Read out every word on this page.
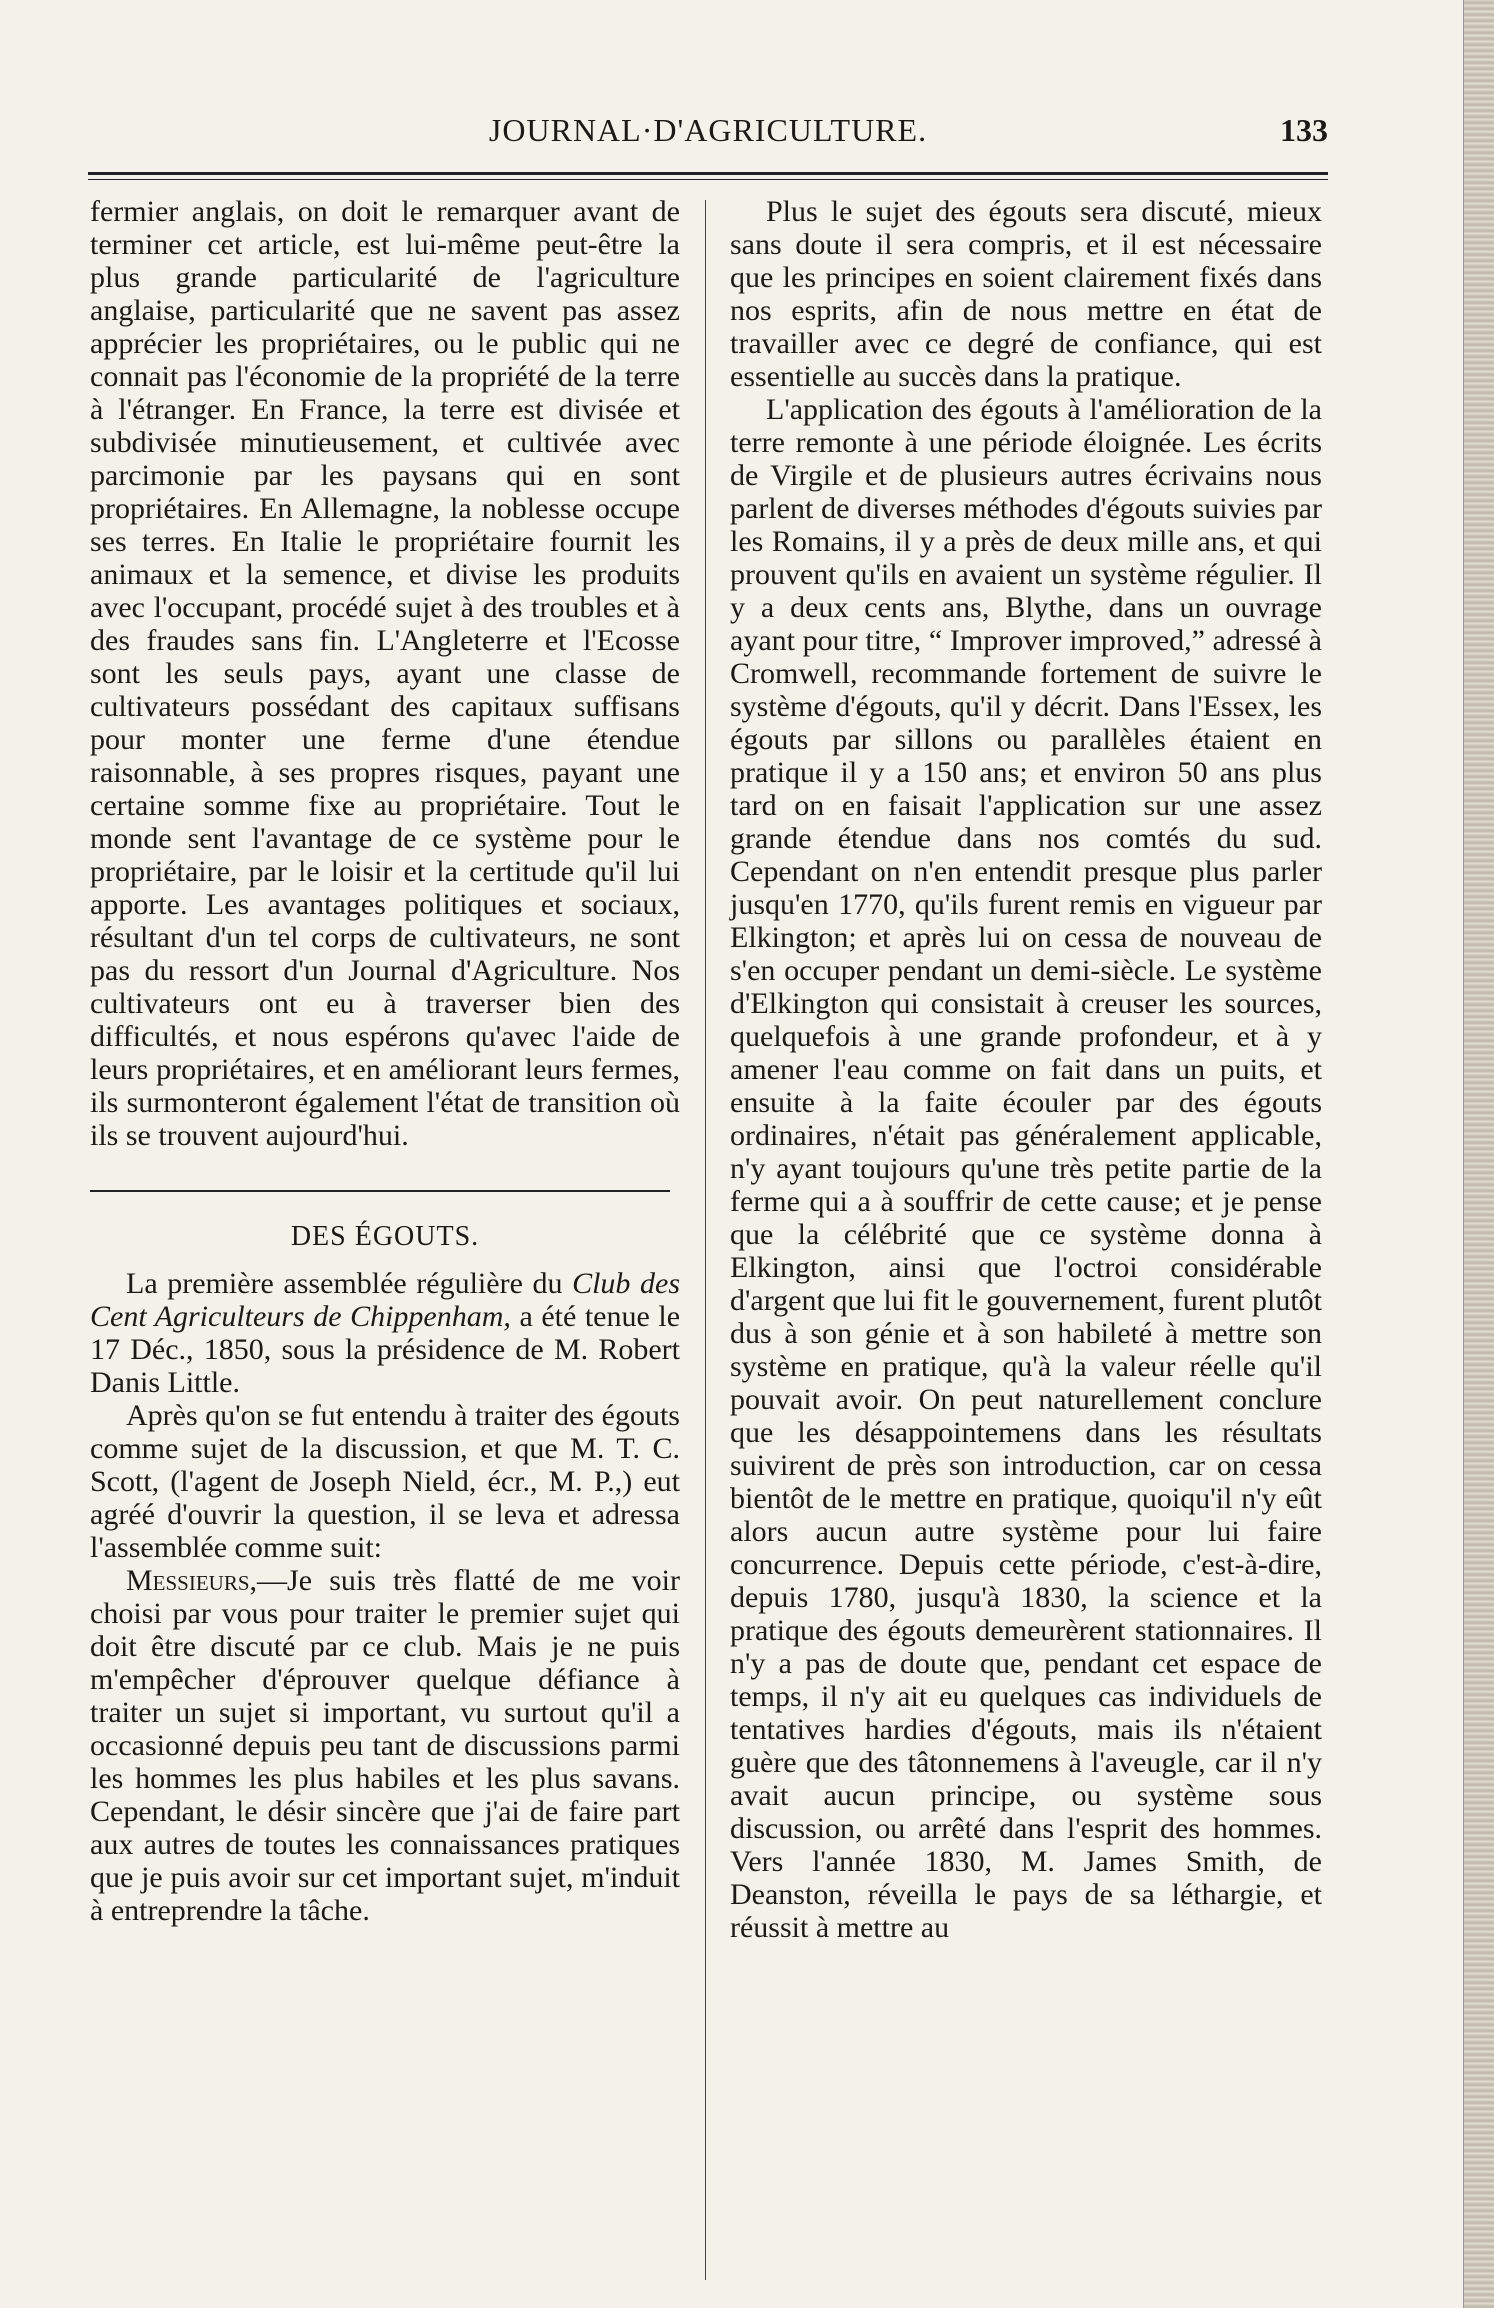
JOURNAL·D'AGRICULTURE.	133

fermier anglais, on doit le remarquer avant de terminer cet article, est lui-même peut-être la plus grande particularité de l'agriculture anglaise, particularité que ne savent pas assez apprécier les propriétaires, ou le public qui ne connait pas l'économie de la propriété de la terre à l'étranger. En France, la terre est divisée et subdivisée minutieusement, et cultivée avec parcimonie par les paysans qui en sont propriétaires. En Allemagne, la noblesse occupe ses terres. En Italie le propriétaire fournit les animaux et la semence, et divise les produits avec l'occupant, procédé sujet à des troubles et à des fraudes sans fin. L'Angleterre et l'Ecosse sont les seuls pays, ayant une classe de cultivateurs possédant des capitaux suffisans pour monter une ferme d'une étendue raisonnable, à ses propres risques, payant une certaine somme fixe au propriétaire. Tout le monde sent l'avantage de ce système pour le propriétaire, par le loisir et la certitude qu'il lui apporte. Les avantages politiques et sociaux, résultant d'un tel corps de cultivateurs, ne sont pas du ressort d'un Journal d'Agriculture. Nos cultivateurs ont eu à traverser bien des difficultés, et nous espérons qu'avec l'aide de leurs propriétaires, et en améliorant leurs fermes, ils surmonteront également l'état de transition où ils se trouvent aujourd'hui.

DES ÉGOUTS.

La première assemblée régulière du Club des Cent Agriculteurs de Chippenham, a été tenue le 17 Déc., 1850, sous la présidence de M. Robert Danis Little.

Après qu'on se fut entendu à traiter des égouts comme sujet de la discussion, et que M. T. C. Scott, (l'agent de Joseph Nield, écr., M. P.,) eut agréé d'ouvrir la question, il se leva et adressa l'assemblée comme suit:

Messieurs,—Je suis très flatté de me voir choisi par vous pour traiter le premier sujet qui doit être discuté par ce club. Mais je ne puis m'empêcher d'éprouver quelque défiance à traiter un sujet si important, vu surtout qu'il a occasionné depuis peu tant de discussions parmi les hommes les plus habiles et les plus savans. Cependant, le désir sincère que j'ai de faire part aux autres de toutes les connaissances pratiques que je puis avoir sur cet important sujet, m'induit à entreprendre la tâche.

Plus le sujet des égouts sera discuté, mieux sans doute il sera compris, et il est nécessaire que les principes en soient clairement fixés dans nos esprits, afin de nous mettre en état de travailler avec ce degré de confiance, qui est essentielle au succès dans la pratique.

L'application des égouts à l'amélioration de la terre remonte à une période éloignée. Les écrits de Virgile et de plusieurs autres écrivains nous parlent de diverses méthodes d'égouts suivies par les Romains, il y a près de deux mille ans, et qui prouvent qu'ils en avaient un système régulier. Il y a deux cents ans, Blythe, dans un ouvrage ayant pour titre, “ Improver improved,” adressé à Cromwell, recommande fortement de suivre le système d'égouts, qu'il y décrit. Dans l'Essex, les égouts par sillons ou parallèles étaient en pratique il y a 150 ans; et environ 50 ans plus tard on en faisait l'application sur une assez grande étendue dans nos comtés du sud. Cependant on n'en entendit presque plus parler jusqu'en 1770, qu'ils furent remis en vigueur par Elkington; et après lui on cessa de nouveau de s'en occuper pendant un demi-siècle. Le système d'Elkington qui consistait à creuser les sources, quelquefois à une grande profondeur, et à y amener l'eau comme on fait dans un puits, et ensuite à la faite écouler par des égouts ordinaires, n'était pas généralement applicable, n'y ayant toujours qu'une très petite partie de la ferme qui a à souffrir de cette cause; et je pense que la célébrité que ce système donna à Elkington, ainsi que l'octroi considérable d'argent que lui fit le gouvernement, furent plutôt dus à son génie et à son habileté à mettre son système en pratique, qu'à la valeur réelle qu'il pouvait avoir. On peut naturellement conclure que les désappointemens dans les résultats suivirent de près son introduction, car on cessa bientôt de le mettre en pratique, quoiqu'il n'y eût alors aucun autre système pour lui faire concurrence. Depuis cette période, c'est-à-dire, depuis 1780, jusqu'à 1830, la science et la pratique des égouts demeurèrent stationnaires. Il n'y a pas de doute que, pendant cet espace de temps, il n'y ait eu quelques cas individuels de tentatives hardies d'égouts, mais ils n'étaient guère que des tâtonnemens à l'aveugle, car il n'y avait aucun principe, ou système sous discussion, ou arrêté dans l'esprit des hommes. Vers l'année 1830, M. James Smith, de Deanston, réveilla le pays de sa léthargie, et réussit à mettre au
